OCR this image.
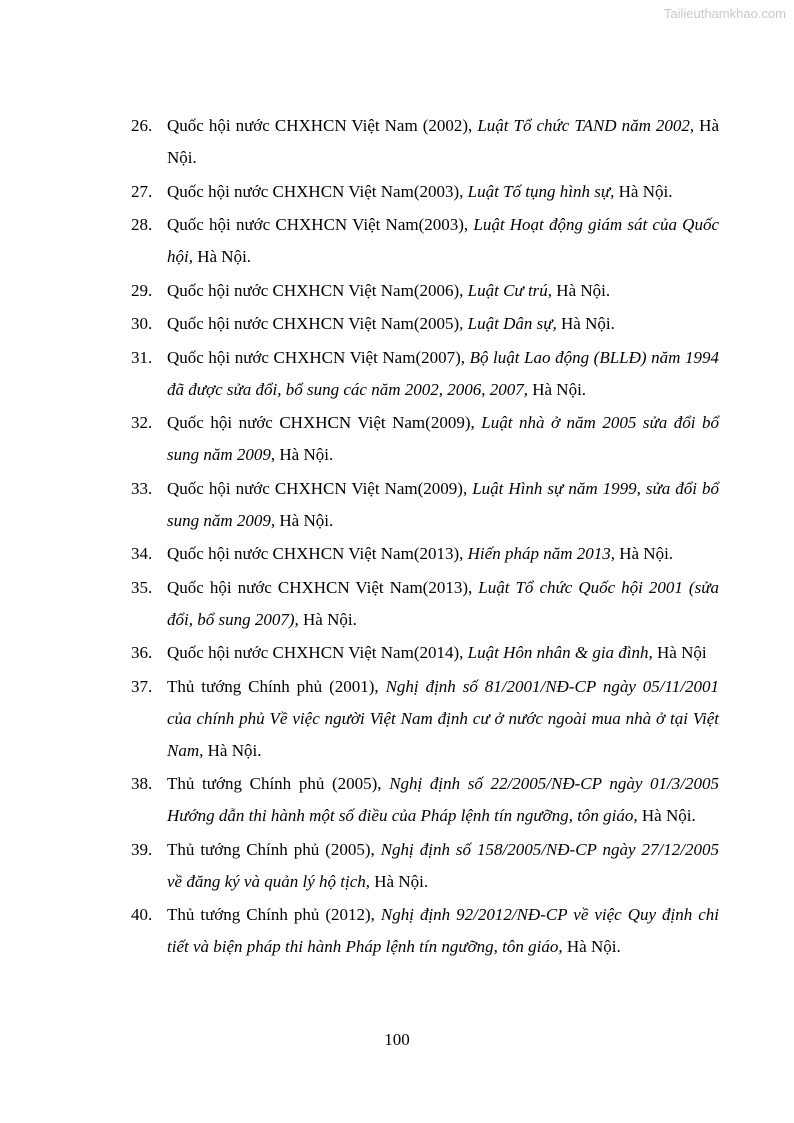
Tailieuthamkhao.com
26. Quốc hội nước CHXHCN Việt Nam (2002), Luật Tổ chức TAND năm 2002, Hà Nội.
27. Quốc hội nước CHXHCN Việt Nam(2003), Luật Tố tụng hình sự, Hà Nội.
28. Quốc hội nước CHXHCN Việt Nam(2003), Luật Hoạt động giám sát của Quốc hội, Hà Nội.
29. Quốc hội nước CHXHCN Việt Nam(2006), Luật Cư trú, Hà Nội.
30. Quốc hội nước CHXHCN Việt Nam(2005), Luật Dân sự, Hà Nội.
31. Quốc hội nước CHXHCN Việt Nam(2007), Bộ luật Lao động (BLLĐ) năm 1994 đã được sửa đổi, bổ sung các năm 2002, 2006, 2007, Hà Nội.
32. Quốc hội nước CHXHCN Việt Nam(2009), Luật nhà ở năm 2005 sửa đổi bổ sung năm 2009, Hà Nội.
33. Quốc hội nước CHXHCN Việt Nam(2009), Luật Hình sự năm 1999, sửa đổi bổ sung năm 2009, Hà Nội.
34. Quốc hội nước CHXHCN Việt Nam(2013), Hiến pháp năm 2013, Hà Nội.
35. Quốc hội nước CHXHCN Việt Nam(2013), Luật Tổ chức Quốc hội 2001 (sửa đổi, bổ sung 2007), Hà Nội.
36. Quốc hội nước CHXHCN Việt Nam(2014), Luật Hôn nhân & gia đình, Hà Nội
37. Thủ tướng Chính phủ (2001), Nghị định số 81/2001/NĐ-CP ngày 05/11/2001 của chính phủ Về việc người Việt Nam định cư ở nước ngoài mua nhà ở tại Việt Nam, Hà Nội.
38. Thủ tướng Chính phủ (2005), Nghị định số 22/2005/NĐ-CP ngày 01/3/2005 Hướng dẫn thi hành một số điều của Pháp lệnh tín ngưỡng, tôn giáo, Hà Nội.
39. Thủ tướng Chính phủ (2005), Nghị định số 158/2005/NĐ-CP ngày 27/12/2005 về đăng ký và quản lý hộ tịch, Hà Nội.
40. Thủ tướng Chính phủ (2012), Nghị định 92/2012/NĐ-CP về việc Quy định chi tiết và biện pháp thi hành Pháp lệnh tín ngưỡng, tôn giáo, Hà Nội.
100
